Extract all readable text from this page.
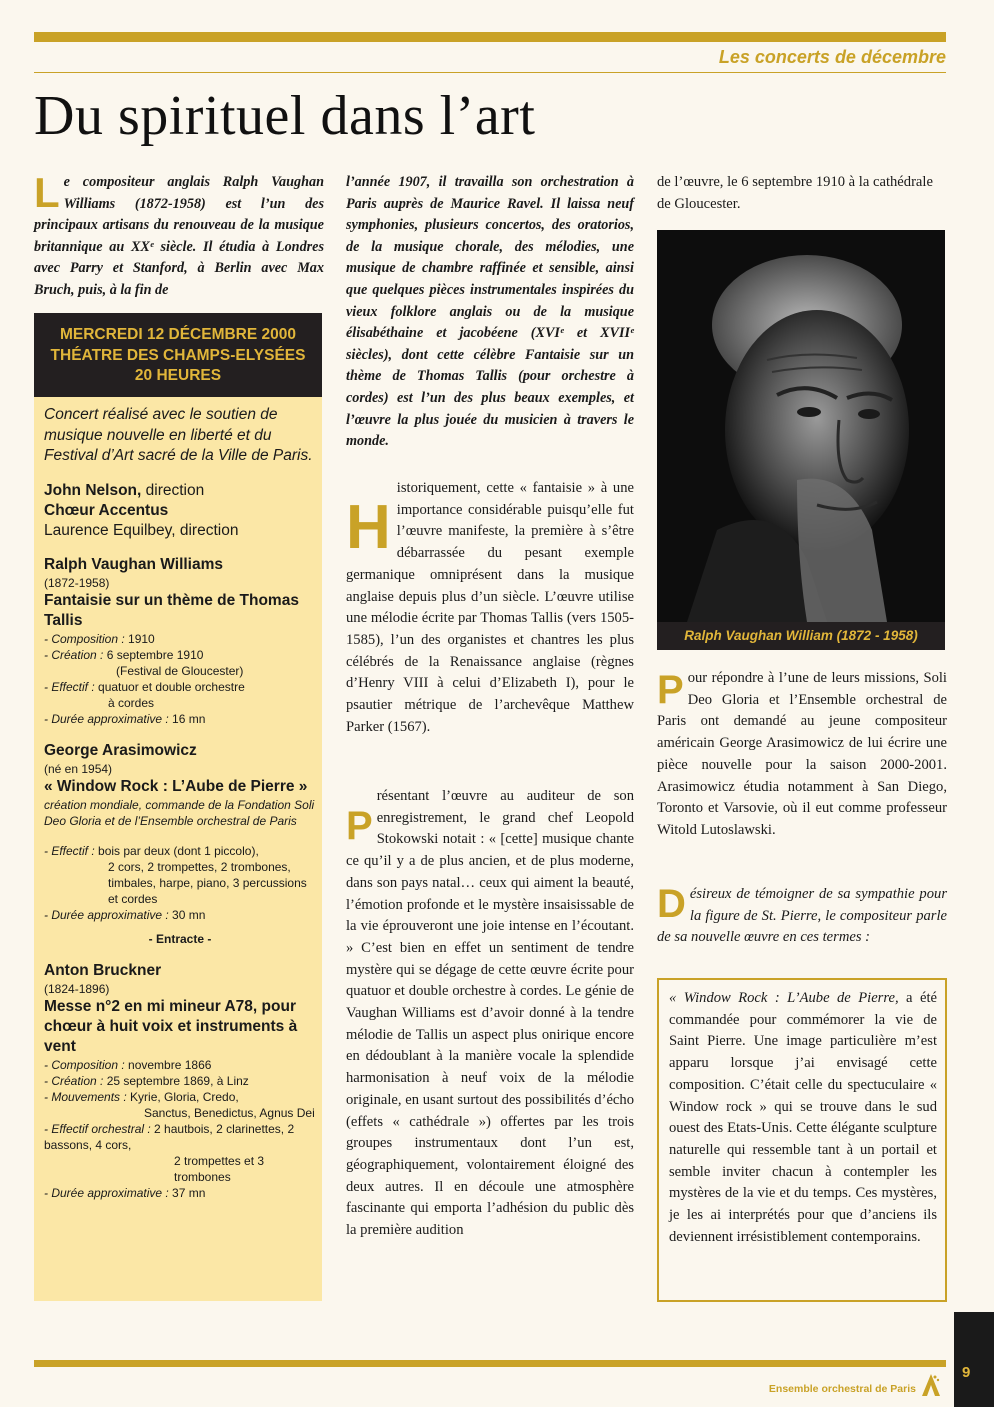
Les concerts de décembre
Du spirituel dans l’art
Le compositeur anglais Ralph Vaughan Williams (1872-1958) est l’un des principaux artisans du renouveau de la musique britannique au XXᵉ siècle. Il étudia à Londres avec Parry et Stanford, à Berlin avec Max Bruch, puis, à la fin de
MERCREDI 12 DÉCEMBRE 2000
THÉATRE DES CHAMPS-ELYSÉES
20 HEURES
Concert réalisé avec le soutien de musique nouvelle en liberté et du Festival d’Art sacré de la Ville de Paris.
John Nelson, direction
Chœur Accentus
Laurence Equilbey, direction
Ralph Vaughan Williams
(1872-1958)
Fantaisie sur un thème de Thomas Tallis
- Composition : 1910
- Création : 6 septembre 1910
(Festival de Gloucester)
- Effectif : quatuor et double orchestre
à cordes
- Durée approximative : 16 mn
George Arasimowicz
(né en 1954)
« Window Rock : L’Aube de Pierre »
création mondiale, commande de la Fondation Soli Deo Gloria et de l’Ensemble orchestral de Paris
- Effectif : bois par deux (dont 1 piccolo),
2 cors, 2 trompettes, 2 trombones, timbales, harpe, piano, 3 percussions et cordes
- Durée approximative : 30 mn
- Entracte -
Anton Bruckner
(1824-1896)
Messe n°2 en mi mineur A78, pour chœur à huit voix et instruments à vent
- Composition : novembre 1866
- Création : 25 septembre 1869, à Linz
- Mouvements : Kyrie, Gloria, Credo,
Sanctus, Benedictus, Agnus Dei
- Effectif orchestral : 2 hautbois, 2 clarinettes, 2 bassons, 4 cors,
2 trompettes et 3 trombones
- Durée approximative : 37 mn
l’année 1907, il travailla son orchestration à Paris auprès de Maurice Ravel. Il laissa neuf symphonies, plusieurs concertos, des oratorios, de la musique chorale, des mélodies, une musique de chambre raffinée et sensible, ainsi que quelques pièces instrumentales inspirées du vieux folklore anglais ou de la musique élisabéthaine et jacobéene (XVIᵉ et XVIIᵉ siècles), dont cette célèbre Fantaisie sur un thème de Thomas Tallis (pour orchestre à cordes) est l’un des plus beaux exemples, et l’œuvre la plus jouée du musicien à travers le monde.
H
istoriquement, cette « fantaisie » à une importance considérable puisqu’elle fut l’œuvre manifeste, la première à s’être débarrassée du pesant exemple germanique omniprésent dans la musique anglaise depuis plus d’un siècle. L’œuvre utilise une mélodie écrite par Thomas Tallis (vers 1505-1585), l’un des organistes et chantres les plus célébrés de la Renaissance anglaise (règnes d’Henry VIII à celui d’Elizabeth I), pour le psautier métrique de l’archevêque Matthew Parker (1567).
P
résentant l’œuvre au auditeur de son enregistrement, le grand chef Leopold Stokowski notait : « [cette] musique chante ce qu’il y a de plus ancien, et de plus moderne, dans son pays natal… ceux qui aiment la beauté, l’émotion profonde et le mystère insaisissable de la vie éprouveront une joie intense en l’écoutant. » C’est bien en effet un sentiment de tendre mystère qui se dégage de cette œuvre écrite pour quatuor et double orchestre à cordes. Le génie de Vaughan Williams est d’avoir donné à la tendre mélodie de Tallis un aspect plus onirique encore en dédoublant à la manière vocale la splendide harmonisation à neuf voix de la mélodie originale, en usant surtout des possibilités d’écho (effets « cathédrale ») offertes par les trois groupes instrumentaux dont l’un est, géographiquement, volontairement éloigné des deux autres. Il en découle une atmosphère fascinante qui emporta l’adhésion du public dès la première audition
de l’œuvre, le 6 septembre 1910 à la cathédrale de Gloucester.
Ralph Vaughan William (1872 - 1958)
Pour répondre à l’une de leurs missions, Soli Deo Gloria et l’Ensemble orchestral de Paris ont demandé au jeune compositeur américain George Arasimowicz de lui écrire une pièce nouvelle pour la saison 2000-2001. Arasimowicz étudia notamment à San Diego, Toronto et Varsovie, où il eut comme professeur Witold Lutoslawski.
Désireux de témoigner de sa sympathie pour la figure de St. Pierre, le compositeur parle de sa nouvelle œuvre en ces termes :
« Window Rock : L’Aube de Pierre, a été commandée pour commémorer la vie de Saint Pierre. Une image particulière m’est apparu lorsque j’ai envisagé cette composition. C’était celle du spectuculaire « Window rock » qui se trouve dans le sud ouest des Etats-Unis. Cette élégante sculpture naturelle qui ressemble tant à un portail et semble inviter chacun à contempler les mystères de la vie et du temps. Ces mystères, je les ai interprétés pour que d’anciens ils deviennent irrésistiblement contemporains.
Ensemble orchestral de Paris
9
